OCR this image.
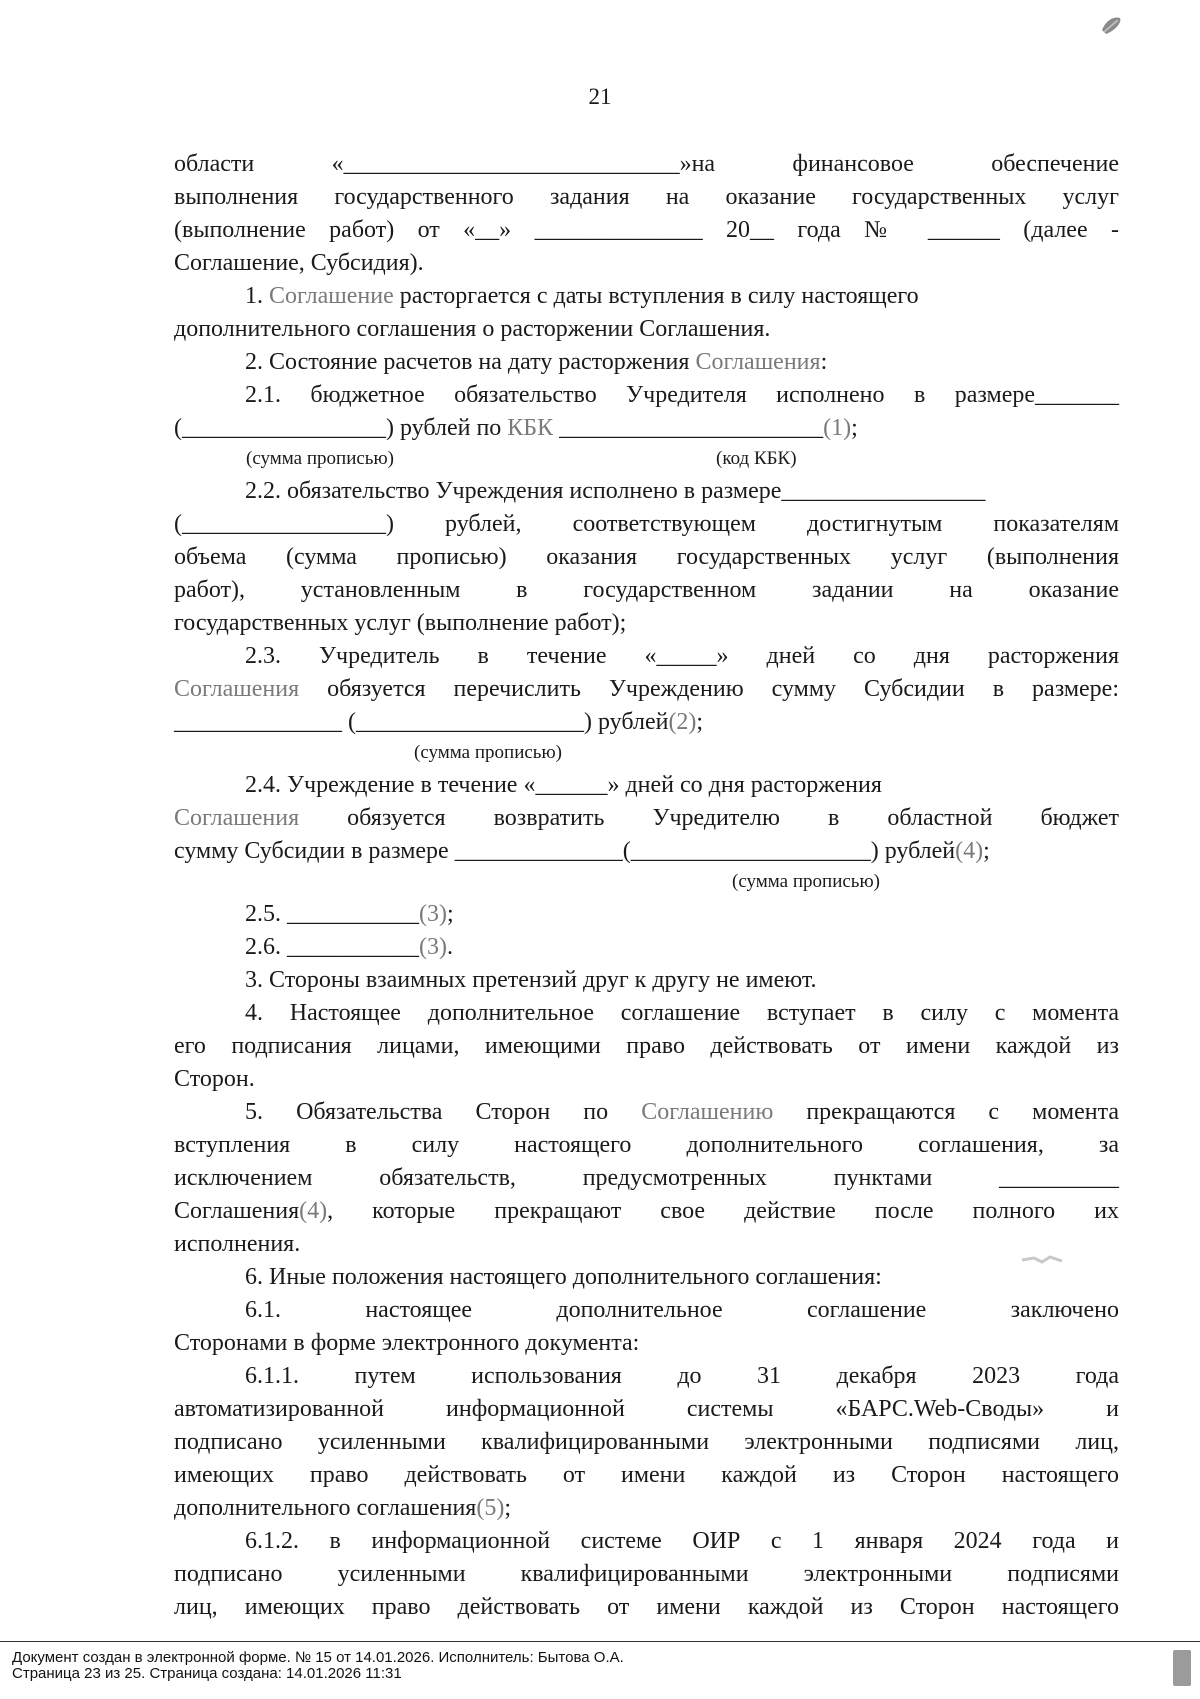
21

области «____________________________»на финансовое обеспечение

выполнения государственного задания на оказание государственных услуг

(выполнение работ) от «__» ______________ 20__ года № ______ (далее -

Соглашение, Субсидия).

1. Соглашение расторгается с даты вступления в силу настоящего

дополнительного соглашения о расторжении Соглашения.

2. Состояние расчетов на дату расторжения Соглашения:

2.1. бюджетное обязательство Учредителя исполнено в размере_______

(_________________) рублей по КБК ______________________(1);

(сумма прописью)	(код КБК)

2.2. обязательство Учреждения исполнено в размере_________________

(_________________) рублей, соответствующем достигнутым показателям

объема (сумма прописью) оказания государственных услуг (выполнения

работ), установленным в государственном задании на оказание

государственных услуг (выполнение работ);

2.3. Учредитель в течение «_____» дней со дня расторжения

Соглашения обязуется перечислить Учреждению сумму Субсидии в размере:

______________ (___________________) рублей(2);

(сумма прописью)

2.4. Учреждение в течение «______» дней со дня расторжения

Соглашения обязуется возвратить Учредителю в областной бюджет

сумму Субсидии в размере ______________(____________________) рублей(4);

(сумма прописью)

2.5. ___________(3);

2.6. ___________(3).

3. Стороны взаимных претензий друг к другу не имеют.

4. Настоящее дополнительное соглашение вступает в силу с момента

его подписания лицами, имеющими право действовать от имени каждой из

Сторон.

5. Обязательства Сторон по Соглашению прекращаются с момента

вступления в силу настоящего дополнительного соглашения, за

исключением обязательств, предусмотренных пунктами __________

Соглашения(4), которые прекращают свое действие после полного их

исполнения.

6. Иные положения настоящего дополнительного соглашения:

6.1. настоящее дополнительное соглашение заключено

Сторонами в форме электронного документа:

6.1.1. путем использования до 31 декабря 2023 года

автоматизированной информационной системы «БАРС.Web-Своды» и

подписано усиленными квалифицированными электронными подписями лиц,

имеющих право действовать от имени каждой из Сторон настоящего

дополнительного соглашения(5);

6.1.2. в информационной системе ОИР с 1 января 2024 года и

подписано усиленными квалифицированными электронными подписями

лиц, имеющих право действовать от имени каждой из Сторон настоящего

Документ создан в электронной форме. № 15 от 14.01.2026. Исполнитель: Бытова О.А.
Страница 23 из 25. Страница создана: 14.01.2026 11:31
